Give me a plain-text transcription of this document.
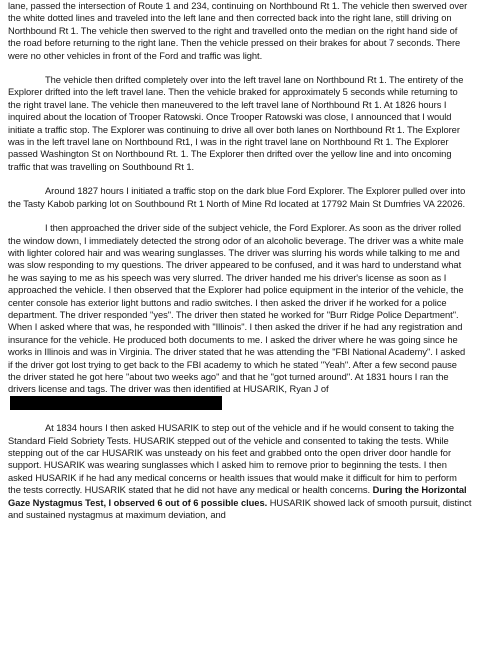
lane, passed the intersection of Route 1 and 234, continuing on Northbound Rt 1. The vehicle then swerved over the white dotted lines and traveled into the left lane and then corrected back into the right lane, still driving on Northbound Rt 1. The vehicle then swerved to the right and travelled onto the median on the right hand side of the road before returning to the right lane. Then the vehicle pressed on their brakes for about 7 seconds. There were no other vehicles in front of the Ford and traffic was light.

The vehicle then drifted completely over into the left travel lane on Northbound Rt 1. The entirety of the Explorer drifted into the left travel lane. Then the vehicle braked for approximately 5 seconds while returning to the right travel lane. The vehicle then maneuvered to the left travel lane of Northbound Rt 1. At 1826 hours I inquired about the location of Trooper Ratowski. Once Trooper Ratowski was close, I announced that I would initiate a traffic stop. The Explorer was continuing to drive all over both lanes on Northbound Rt 1. The Explorer was in the left travel lane on Northbound Rt1, I was in the right travel lane on Northbound Rt 1. The Explorer passed Washington St on Northbound Rt. 1. The Explorer then drifted over the yellow line and into oncoming traffic that was travelling on Southbound Rt 1.

Around 1827 hours I initiated a traffic stop on the dark blue Ford Explorer. The Explorer pulled over into the Tasty Kabob parking lot on Southbound Rt 1 North of Mine Rd located at 17792 Main St Dumfries VA 22026.

I then approached the driver side of the subject vehicle, the Ford Explorer. As soon as the driver rolled the window down, I immediately detected the strong odor of an alcoholic beverage. The driver was a white male with lighter colored hair and was wearing sunglasses. The driver was slurring his words while talking to me and was slow responding to my questions. The driver appeared to be confused, and it was hard to understand what he was saying to me as his speech was very slurred. The driver handed me his driver's license as soon as I approached the vehicle. I then observed that the Explorer had police equipment in the interior of the vehicle, the center console has exterior light buttons and radio switches. I then asked the driver if he worked for a police department. The driver responded "yes". The driver then stated he worked for "Burr Ridge Police Department". When I asked where that was, he responded with "Illinois". I then asked the driver if he had any registration and insurance for the vehicle. He produced both documents to me. I asked the driver where he was going since he works in Illinois and was in Virginia. The driver stated that he was attending the "FBI National Academy". I asked if the driver got lost trying to get back to the FBI academy to which he stated "Yeah". After a few second pause the driver stated he got here "about two weeks ago" and that he "got turned around". At 1831 hours I ran the drivers license and tags. The driver was then identified at HUSARIK, Ryan J of

At 1834 hours I then asked HUSARIK to step out of the vehicle and if he would consent to taking the Standard Field Sobriety Tests. HUSARIK stepped out of the vehicle and consented to taking the tests. While stepping out of the car HUSARIK was unsteady on his feet and grabbed onto the open driver door handle for support. HUSARIK was wearing sunglasses which I asked him to remove prior to beginning the tests. I then asked HUSARIK if he had any medical concerns or health issues that would make it difficult for him to perform the tests correctly. HUSARIK stated that he did not have any medical or health concerns. During the Horizontal Gaze Nystagmus Test, I observed 6 out of 6 possible clues. HUSARIK showed lack of smooth pursuit, distinct and sustained nystagmus at maximum deviation, and
